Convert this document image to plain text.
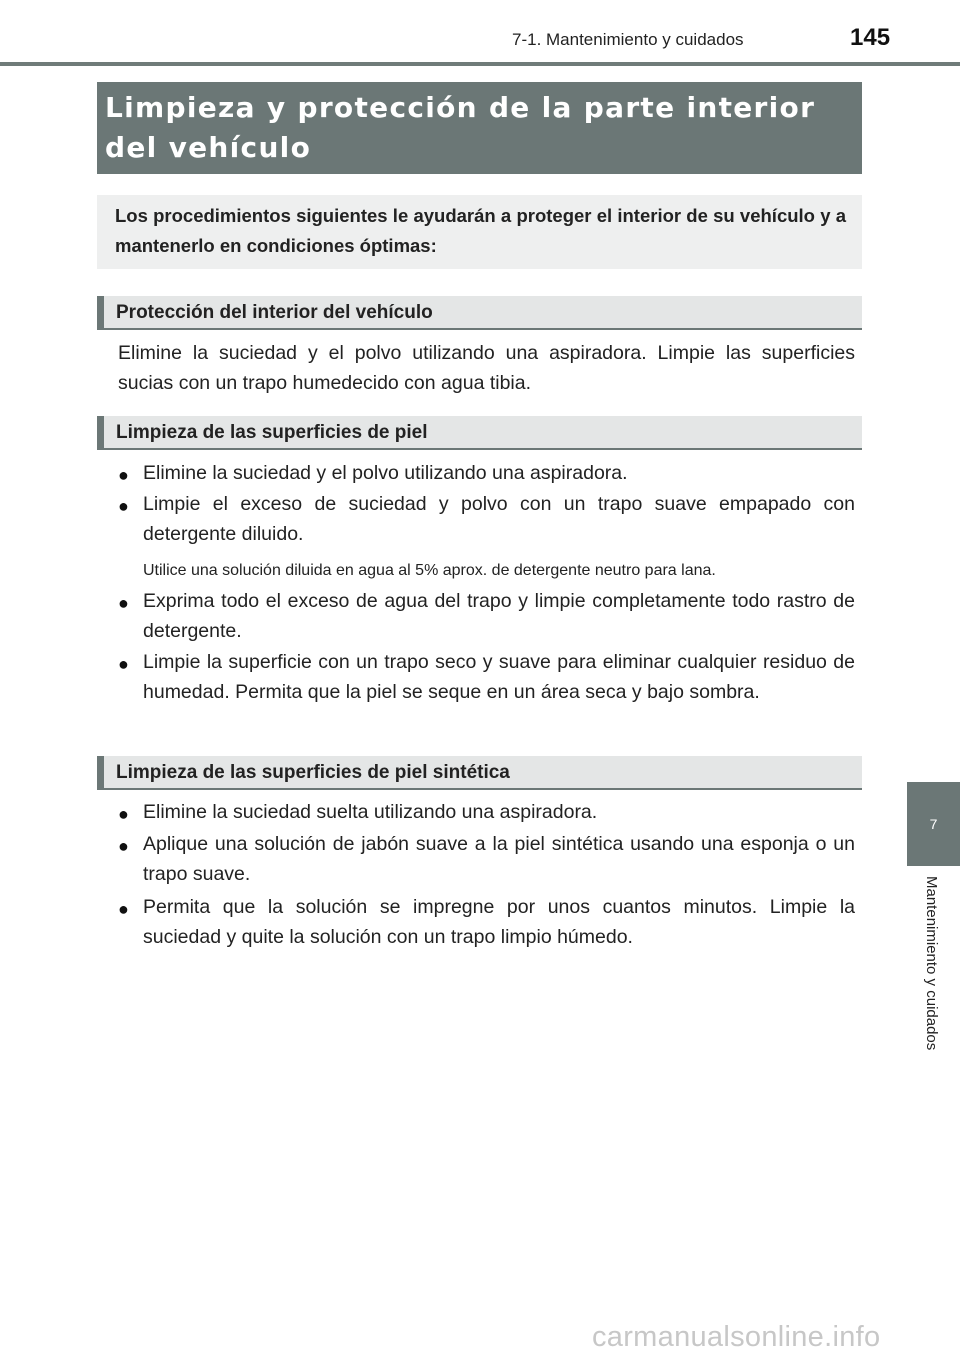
7-1. Mantenimiento y cuidados	145
Limpieza y protección de la parte interior del vehículo
Los procedimientos siguientes le ayudarán a proteger el interior de su vehículo y a mantenerlo en condiciones óptimas:
Protección del interior del vehículo
Elimine la suciedad y el polvo utilizando una aspiradora. Limpie las superficies sucias con un trapo humedecido con agua tibia.
Limpieza de las superficies de piel
● Elimine la suciedad y el polvo utilizando una aspiradora.
● Limpie el exceso de suciedad y polvo con un trapo suave empapado con detergente diluido.
Utilice una solución diluida en agua al 5% aprox. de detergente neutro para lana.
● Exprima todo el exceso de agua del trapo y limpie completamente todo rastro de detergente.
● Limpie la superficie con un trapo seco y suave para eliminar cualquier residuo de humedad. Permita que la piel se seque en un área seca y bajo sombra.
Limpieza de las superficies de piel sintética
● Elimine la suciedad suelta utilizando una aspiradora.
● Aplique una solución de jabón suave a la piel sintética usando una esponja o un trapo suave.
● Permita que la solución se impregne por unos cuantos minutos. Limpie la suciedad y quite la solución con un trapo limpio húmedo.
7
Mantenimiento y cuidados
carmanualsonline.info
